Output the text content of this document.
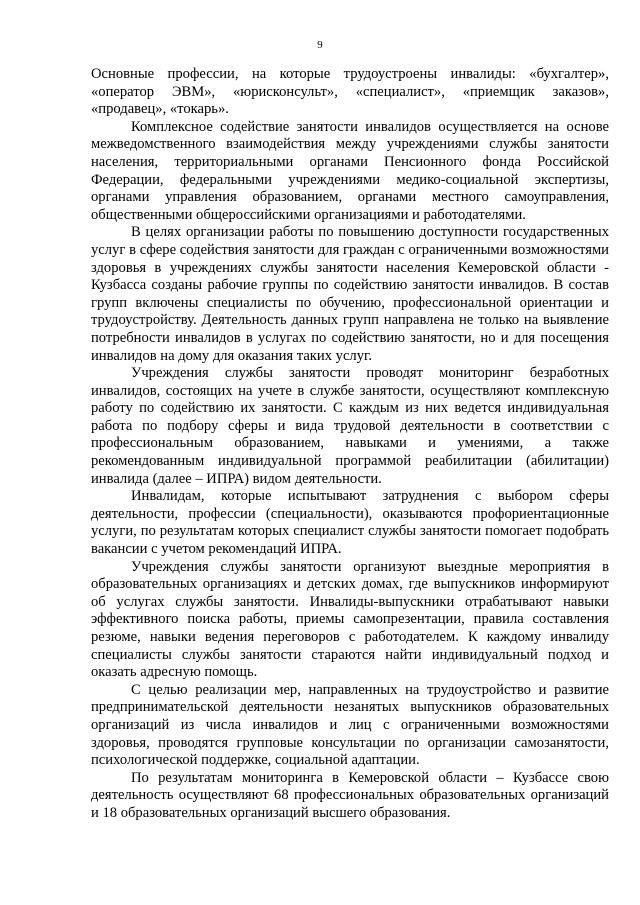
9

Основные профессии, на которые трудоустроены инвалиды: «бухгалтер», «оператор ЭВМ», «юрисконсульт», «специалист», «приемщик заказов», «продавец», «токарь».

Комплексное содействие занятости инвалидов осуществляется на основе межведомственного взаимодействия между учреждениями службы занятости населения, территориальными органами Пенсионного фонда Российской Федерации, федеральными учреждениями медико-социальной экспертизы, органами управления образованием, органами местного самоуправления, общественными общероссийскими организациями и работодателями.

В целях организации работы по повышению доступности государственных услуг в сфере содействия занятости для граждан с ограниченными возможностями здоровья в учреждениях службы занятости населения Кемеровской области - Кузбасса созданы рабочие группы по содействию занятости инвалидов. В состав групп включены специалисты по обучению, профессиональной ориентации и трудоустройству. Деятельность данных групп направлена не только на выявление потребности инвалидов в услугах по содействию занятости, но и для посещения инвалидов на дому для оказания таких услуг.

Учреждения службы занятости проводят мониторинг безработных инвалидов, состоящих на учете в службе занятости, осуществляют комплексную работу по содействию их занятости. С каждым из них ведется индивидуальная работа по подбору сферы и вида трудовой деятельности в соответствии с профессиональным образованием, навыками и умениями, а также рекомендованным индивидуальной программой реабилитации (абилитации) инвалида (далее – ИПРА) видом деятельности.

Инвалидам, которые испытывают затруднения с выбором сферы деятельности, профессии (специальности), оказываются профориентационные услуги, по результатам которых специалист службы занятости помогает подобрать вакансии с учетом рекомендаций ИПРА.

Учреждения службы занятости организуют выездные мероприятия в образовательных организациях и детских домах, где выпускников информируют об услугах службы занятости. Инвалиды-выпускники отрабатывают навыки эффективного поиска работы, приемы самопрезентации, правила составления резюме, навыки ведения переговоров с работодателем. К каждому инвалиду специалисты службы занятости стараются найти индивидуальный подход и оказать адресную помощь.

С целью реализации мер, направленных на трудоустройство и развитие предпринимательской деятельности незанятых выпускников образовательных организаций из числа инвалидов и лиц с ограниченными возможностями здоровья, проводятся групповые консультации по организации самозанятости, психологической поддержке, социальной адаптации.

По результатам мониторинга в Кемеровской области – Кузбассе свою деятельность осуществляют 68 профессиональных образовательных организаций и 18 образовательных организаций высшего образования.
